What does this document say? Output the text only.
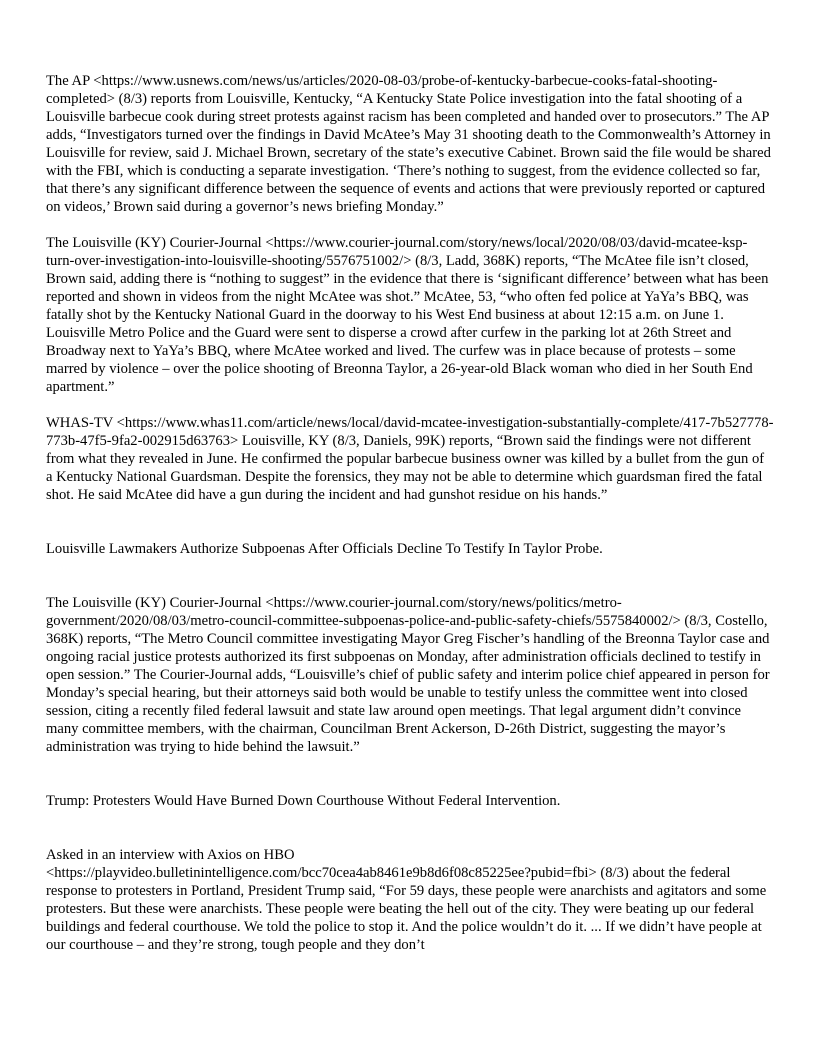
The AP <https://www.usnews.com/news/us/articles/2020-08-03/probe-of-kentucky-barbecue-cooks-fatal-shooting-completed> (8/3) reports from Louisville, Kentucky, “A Kentucky State Police investigation into the fatal shooting of a Louisville barbecue cook during street protests against racism has been completed and handed over to prosecutors.” The AP adds, “Investigators turned over the findings in David McAtee’s May 31 shooting death to the Commonwealth’s Attorney in Louisville for review, said J. Michael Brown, secretary of the state’s executive Cabinet. Brown said the file would be shared with the FBI, which is conducting a separate investigation. ‘There’s nothing to suggest, from the evidence collected so far, that there’s any significant difference between the sequence of events and actions that were previously reported or captured on videos,’ Brown said during a governor’s news briefing Monday.”

The Louisville (KY) Courier-Journal <https://www.courier-journal.com/story/news/local/2020/08/03/david-mcatee-ksp-turn-over-investigation-into-louisville-shooting/5576751002/> (8/3, Ladd, 368K) reports, “The McAtee file isn’t closed, Brown said, adding there is “nothing to suggest” in the evidence that there is ‘significant difference’ between what has been reported and shown in videos from the night McAtee was shot.” McAtee, 53, “who often fed police at YaYa’s BBQ, was fatally shot by the Kentucky National Guard in the doorway to his West End business at about 12:15 a.m. on June 1. Louisville Metro Police and the Guard were sent to disperse a crowd after curfew in the parking lot at 26th Street and Broadway next to YaYa’s BBQ, where McAtee worked and lived. The curfew was in place because of protests – some marred by violence – over the police shooting of Breonna Taylor, a 26-year-old Black woman who died in her South End apartment.”

WHAS-TV <https://www.whas11.com/article/news/local/david-mcatee-investigation-substantially-complete/417-7b527778-773b-47f5-9fa2-002915d63763> Louisville, KY (8/3, Daniels, 99K) reports, “Brown said the findings were not different from what they revealed in June. He confirmed the popular barbecue business owner was killed by a bullet from the gun of a Kentucky National Guardsman. Despite the forensics, they may not be able to determine which guardsman fired the fatal shot. He said McAtee did have a gun during the incident and had gunshot residue on his hands.”

Louisville Lawmakers Authorize Subpoenas After Officials Decline To Testify In Taylor Probe.

The Louisville (KY) Courier-Journal <https://www.courier-journal.com/story/news/politics/metro-government/2020/08/03/metro-council-committee-subpoenas-police-and-public-safety-chiefs/5575840002/> (8/3, Costello, 368K) reports, “The Metro Council committee investigating Mayor Greg Fischer’s handling of the Breonna Taylor case and ongoing racial justice protests authorized its first subpoenas on Monday, after administration officials declined to testify in open session.” The Courier-Journal adds, “Louisville’s chief of public safety and interim police chief appeared in person for Monday’s special hearing, but their attorneys said both would be unable to testify unless the committee went into closed session, citing a recently filed federal lawsuit and state law around open meetings. That legal argument didn’t convince many committee members, with the chairman, Councilman Brent Ackerson, D-26th District, suggesting the mayor’s administration was trying to hide behind the lawsuit.”

Trump: Protesters Would Have Burned Down Courthouse Without Federal Intervention.

Asked in an interview with Axios on HBO <https://playvideo.bulletinintelligence.com/bcc70cea4ab8461e9b8d6f08c85225ee?pubid=fbi> (8/3) about the federal response to protesters in Portland, President Trump said, “For 59 days, these people were anarchists and agitators and some protesters. But these were anarchists. These people were beating the hell out of the city. They were beating up our federal buildings and federal courthouse. We told the police to stop it. And the police wouldn’t do it. ... If we didn’t have people at our courthouse – and they’re strong, tough people and they don’t
